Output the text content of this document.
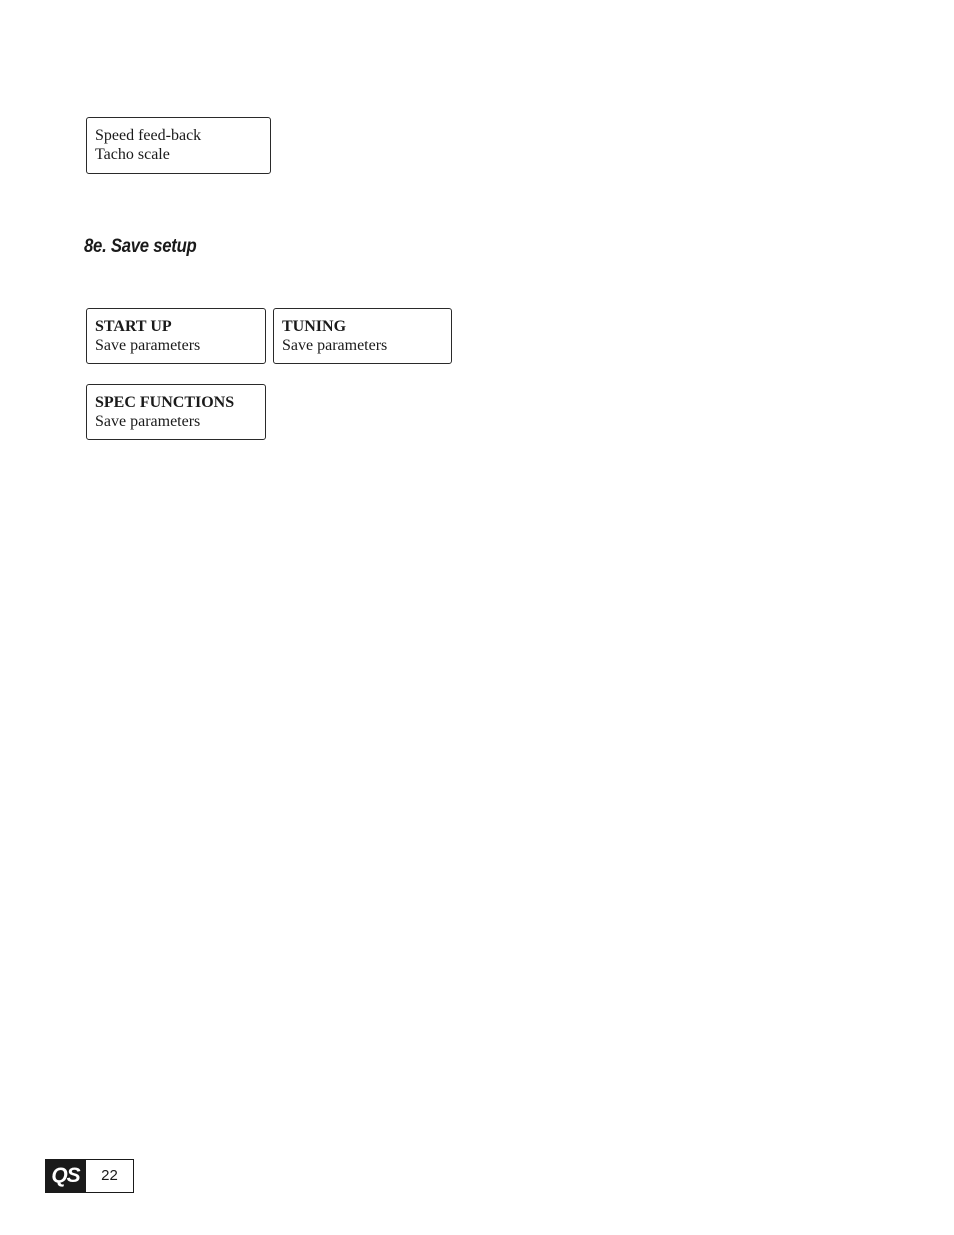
Speed feed-back
Tacho scale
8e. Save setup
START UP
Save parameters
TUNING
Save parameters
SPEC FUNCTIONS
Save parameters
QS	22
